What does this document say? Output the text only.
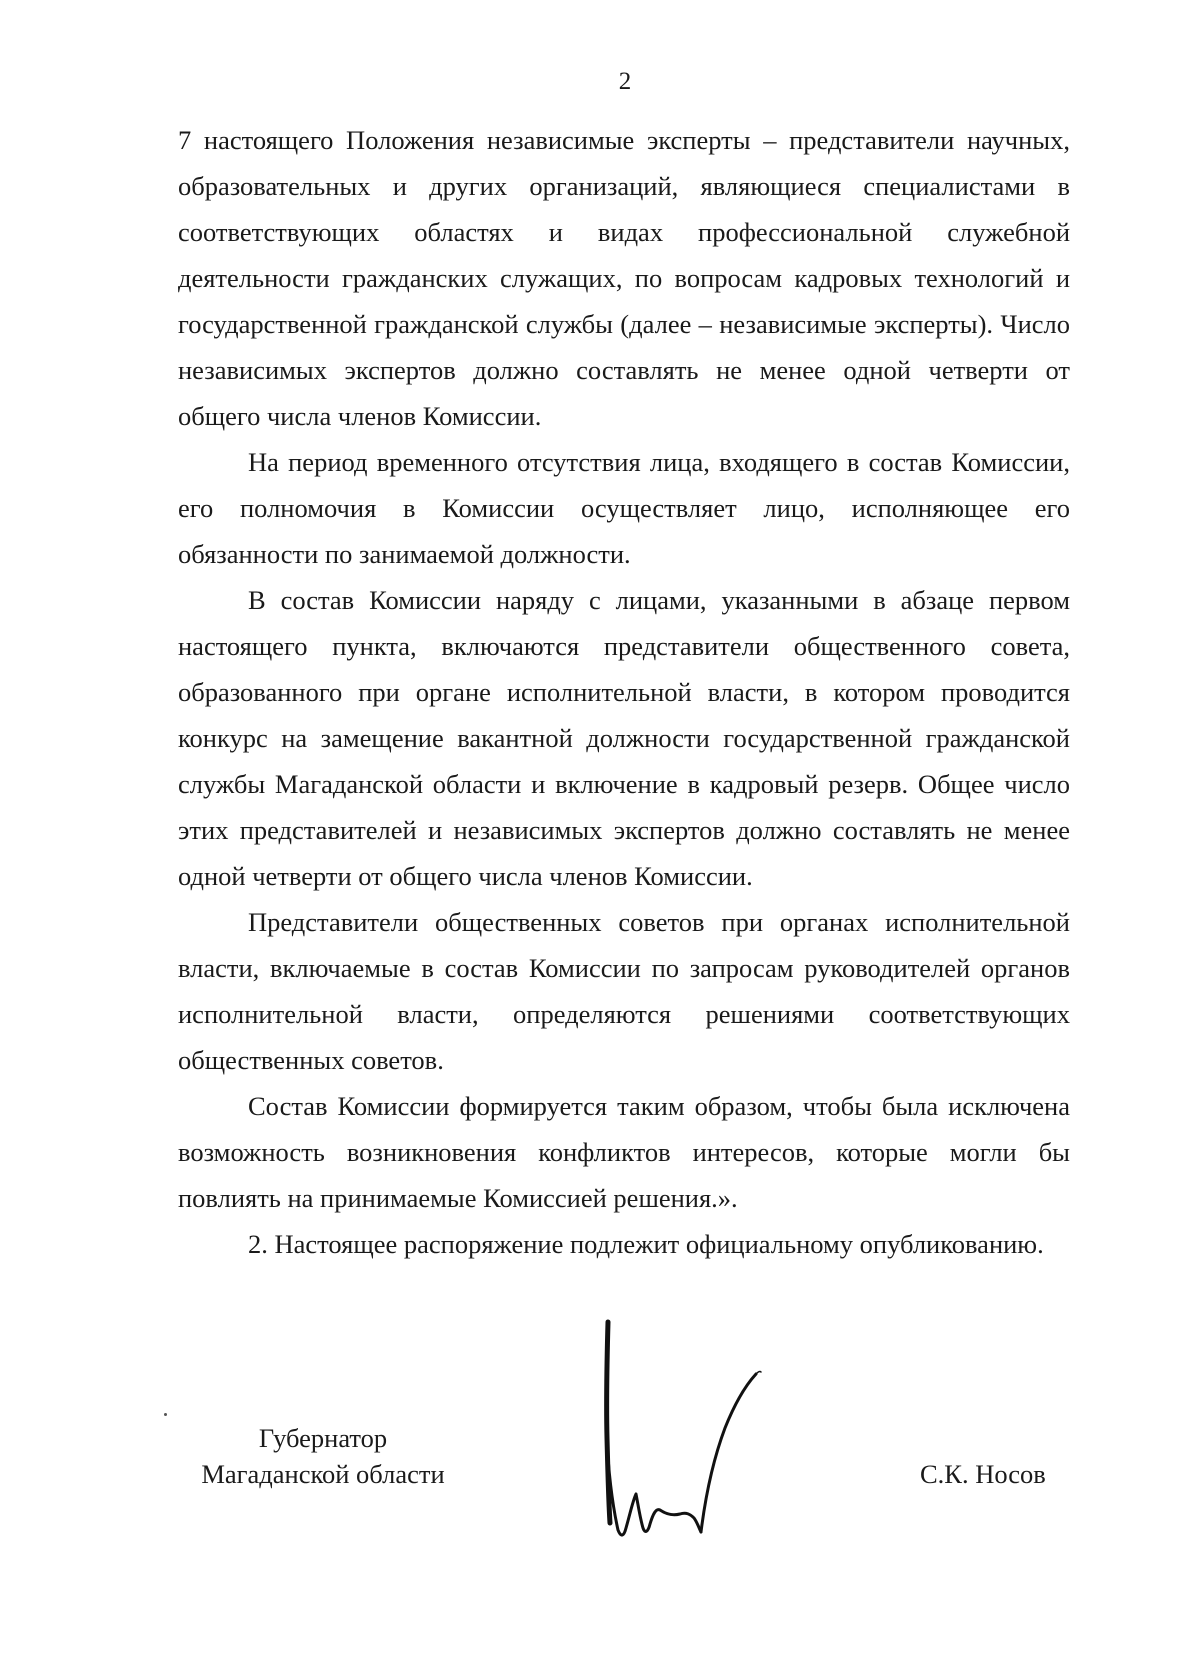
2

7 настоящего Положения независимые эксперты – представители научных, образовательных и других организаций, являющиеся специалистами в соответствующих областях и видах профессиональной служебной деятельности гражданских служащих, по вопросам кадровых технологий и государственной гражданской службы (далее – независимые эксперты). Число независимых экспертов должно составлять не менее одной четверти от общего числа членов Комиссии.

На период временного отсутствия лица, входящего в состав Комиссии, его полномочия в Комиссии осуществляет лицо, исполняющее его обязанности по занимаемой должности.

В состав Комиссии наряду с лицами, указанными в абзаце первом настоящего пункта, включаются представители общественного совета, образованного при органе исполнительной власти, в котором проводится конкурс на замещение вакантной должности государственной гражданской службы Магаданской области и включение в кадровый резерв. Общее число этих представителей и независимых экспертов должно составлять не менее одной четверти от общего числа членов Комиссии.

Представители общественных советов при органах исполнительной власти, включаемые в состав Комиссии по запросам руководителей органов исполнительной власти, определяются решениями соответствующих общественных советов.

Состав Комиссии формируется таким образом, чтобы была исключена возможность возникновения конфликтов интересов, которые могли бы повлиять на принимаемые Комиссией решения.».

2. Настоящее распоряжение подлежит официальному опубликованию.

Губернатор
Магаданской области	С.К. Носов
